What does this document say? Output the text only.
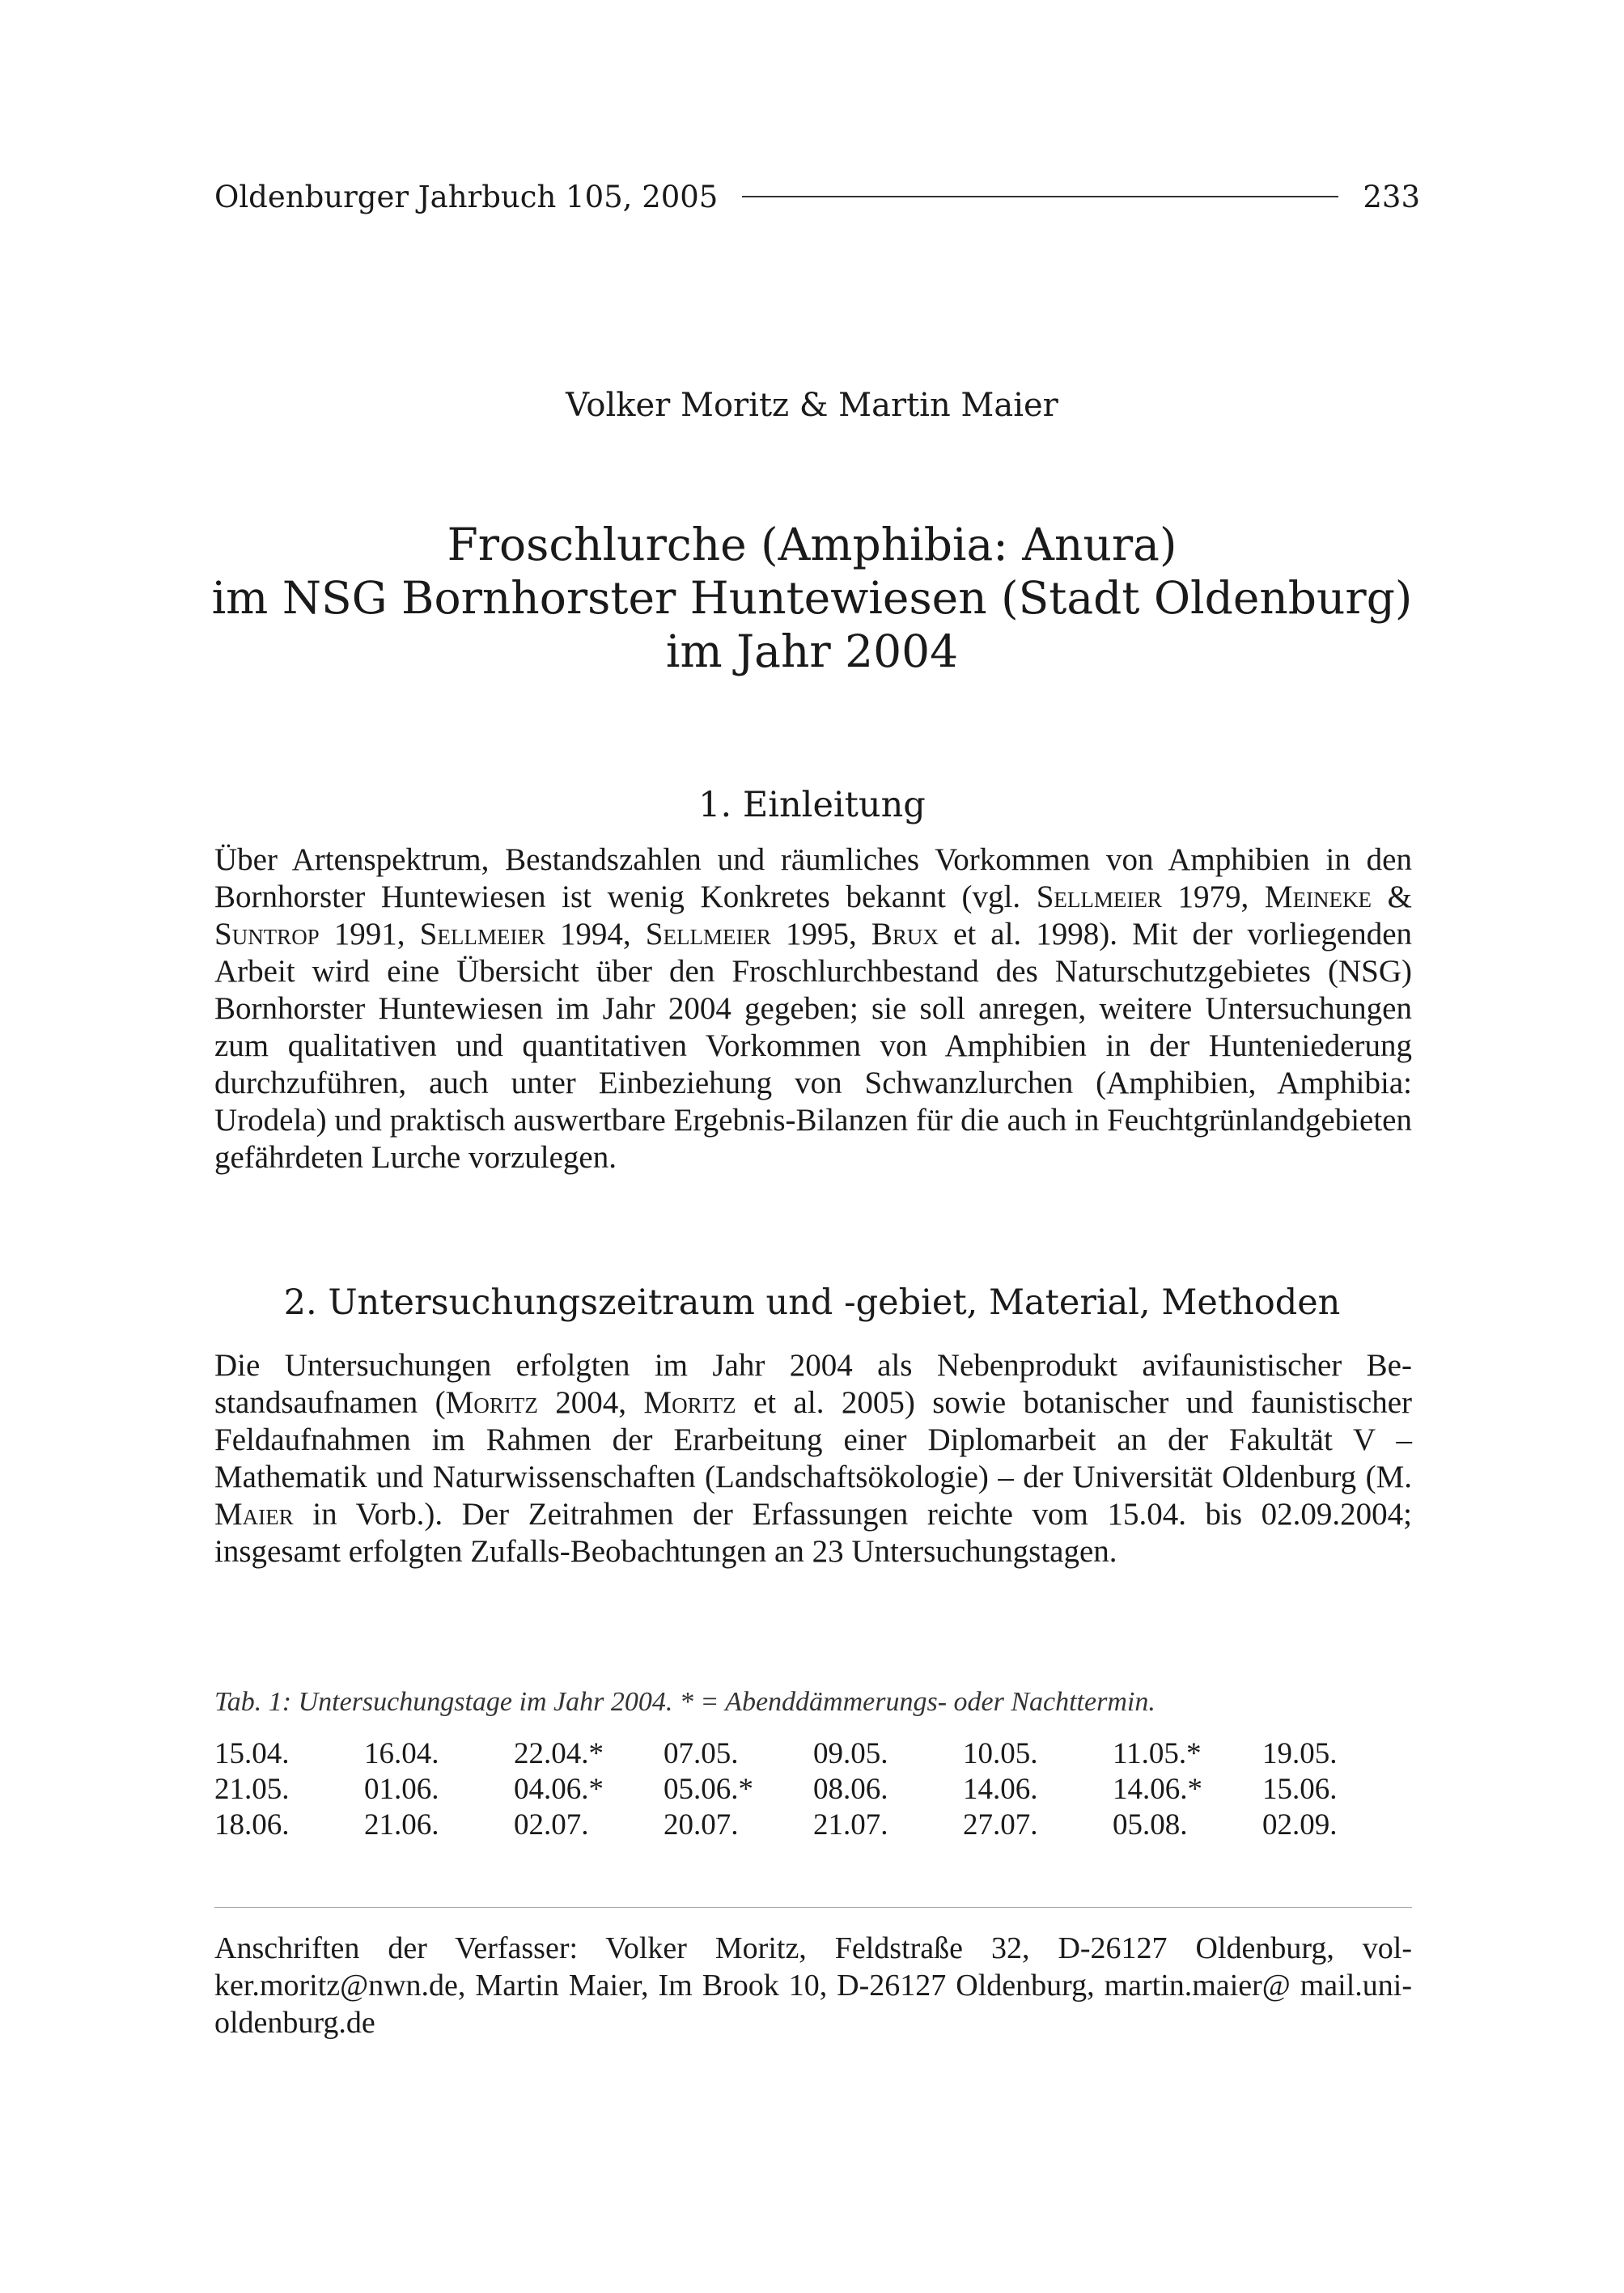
Oldenburger Jahrbuch 105, 2005	233
Volker Moritz & Martin Maier
Froschlurche (Amphibia: Anura)
im NSG Bornhorster Huntewiesen (Stadt Oldenburg)
im Jahr 2004
1. Einleitung
Über Artenspektrum, Bestandszahlen und räumliches Vorkommen von Amphibien in den Bornhorster Huntewiesen ist wenig Konkretes bekannt (vgl. Sellmeier 1979, Meineke & Suntrop 1991, Sellmeier 1994, Sellmeier 1995, Brux et al. 1998). Mit der vorliegenden Arbeit wird eine Übersicht über den Froschlurchbestand des Naturschutzgebietes (NSG) Bornhorster Huntewiesen im Jahr 2004 gegeben; sie soll anregen, weitere Untersuchungen zum qualitativen und quantitativen Vorkommen von Amphibien in der Hunteniederung durchzuführen, auch unter Einbeziehung von Schwanzlurchen (Amphibien, Amphibia: Urodela) und praktisch auswertbare Ergebnis-Bilanzen für die auch in Feuchtgrünlandgebieten gefährdeten Lurche vorzulegen.
2. Untersuchungszeitraum und -gebiet, Material, Methoden
Die Untersuchungen erfolgten im Jahr 2004 als Nebenprodukt avifaunistischer Bestandsaufnamen (Moritz 2004, Moritz et al. 2005) sowie botanischer und faunistischer Feldaufnahmen im Rahmen der Erarbeitung einer Diplomarbeit an der Fakultät V – Mathematik und Naturwissenschaften (Landschaftsökologie) – der Universität Oldenburg (M. Maier in Vorb.). Der Zeitrahmen der Erfassungen reichte vom 15.04. bis 02.09.2004; insgesamt erfolgten Zufalls-Beobachtungen an 23 Untersuchungstagen.
Tab. 1: Untersuchungstage im Jahr 2004. * = Abenddämmerungs- oder Nachttermin.
15.04.	16.04.	22.04.*	07.05.	09.05.	10.05.	11.05.*	19.05.
21.05.	01.06.	04.06.*	05.06.*	08.06.	14.06.	14.06.*	15.06.
18.06.	21.06.	02.07.	20.07.	21.07.	27.07.	05.08.	02.09.
Anschriften der Verfasser: Volker Moritz, Feldstraße 32, D-26127 Oldenburg, volker.moritz@nwn.de, Martin Maier, Im Brook 10, D-26127 Oldenburg, martin.maier@ mail.uni-oldenburg.de
